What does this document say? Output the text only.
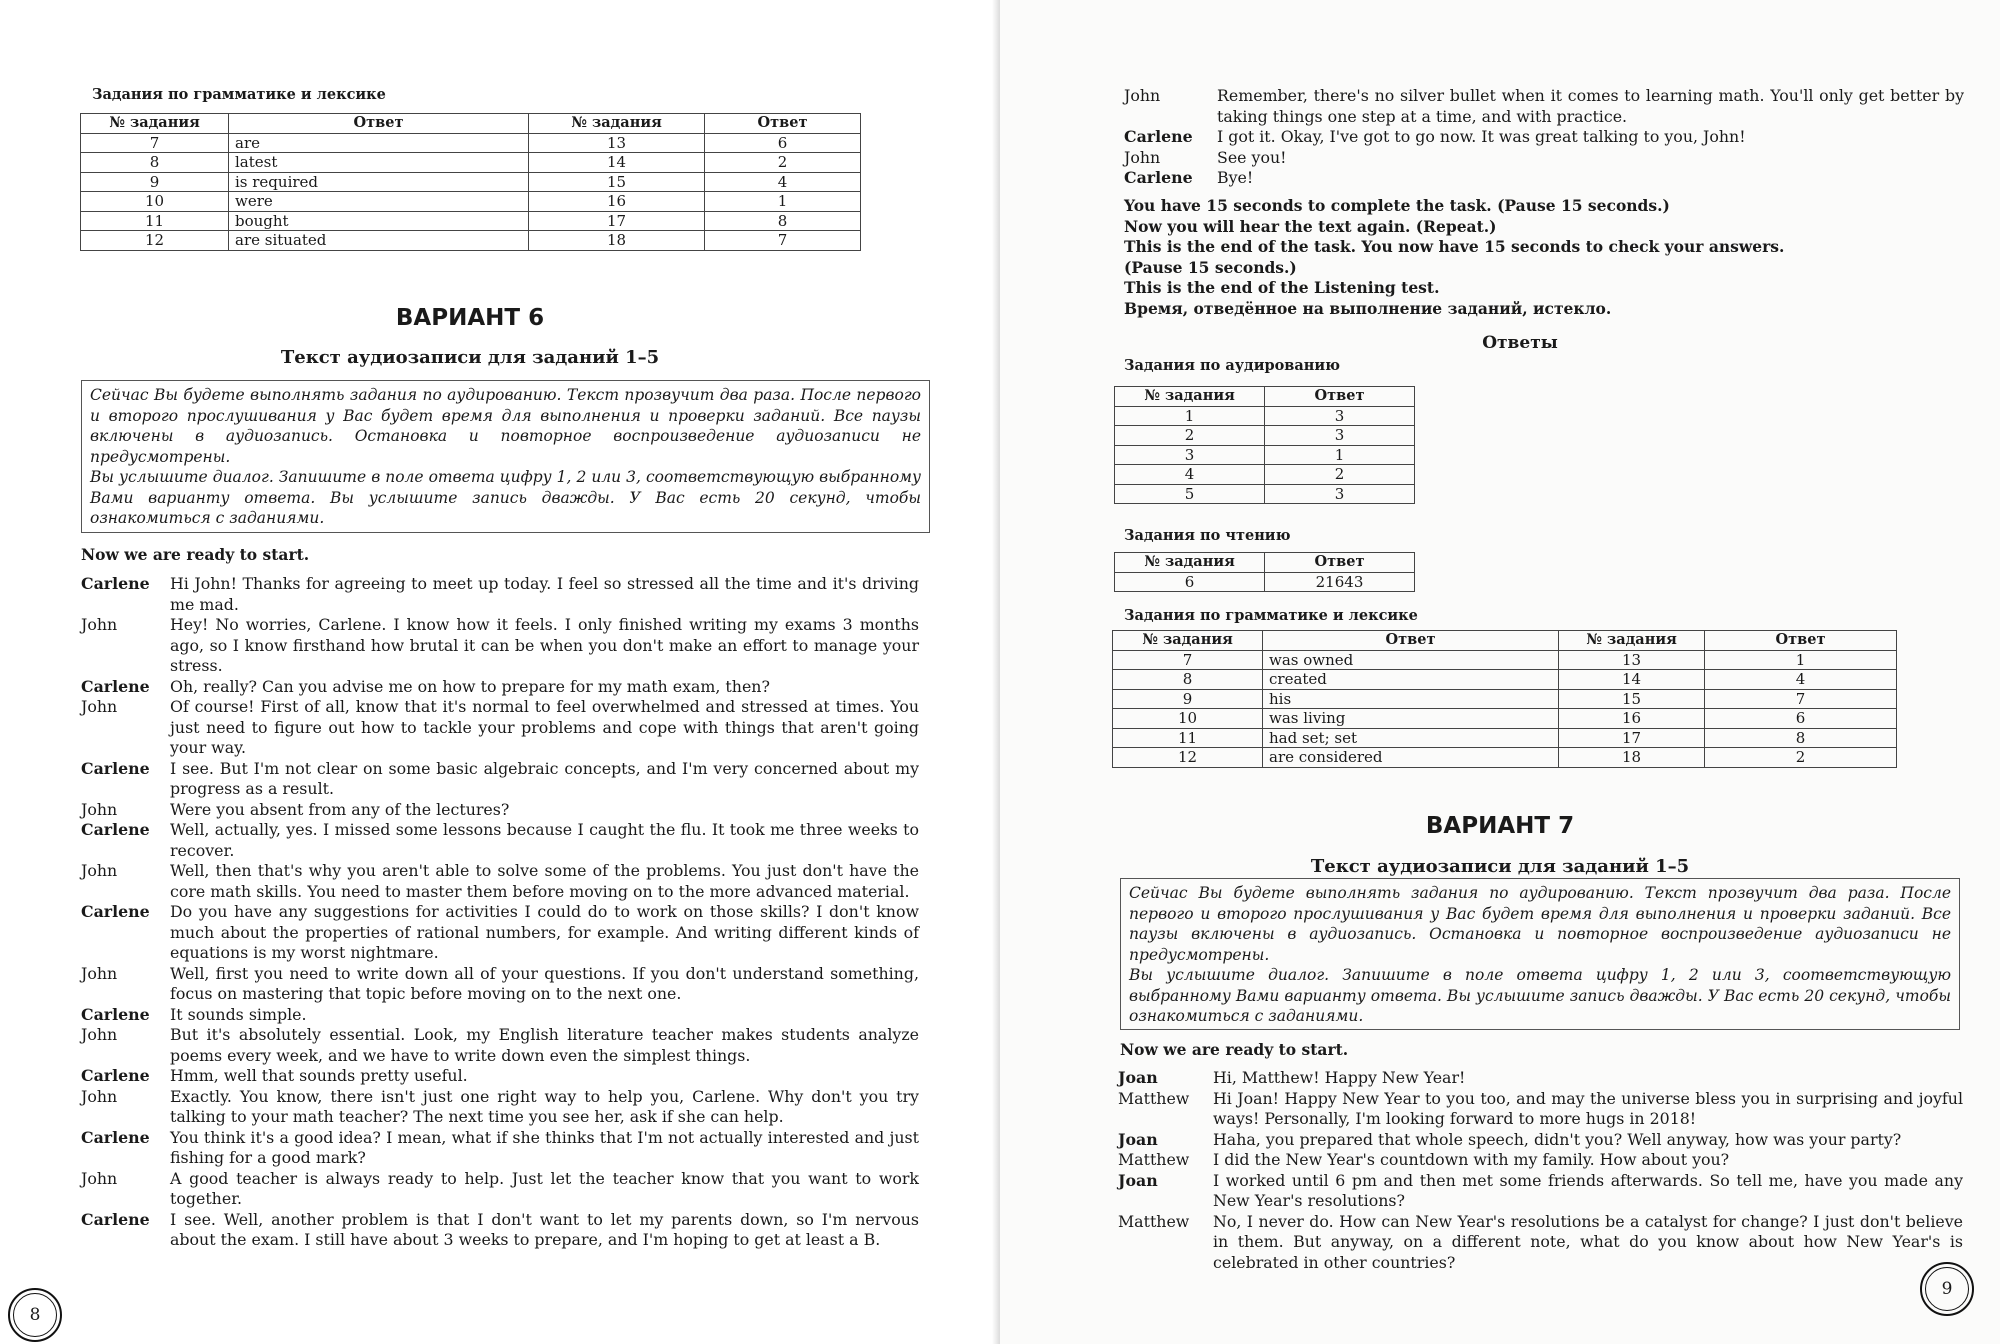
Задания по грамматике и лексике
№ задания	Ответ	№ задания	Ответ
7	are	13	6
8	latest	14	2
9	is required	15	4
10	were	16	1
11	bought	17	8
12	are situated	18	7
ВАРИАНТ 6
Текст аудиозаписи для заданий 1–5

Сейчас Вы будете выполнять задания по аудированию. Текст прозвучит два раза. После первого и второго прослушивания у Вас будет время для выполнения и проверки заданий. Все паузы включены в аудиозапись. Остановка и повторное воспроизведение аудиозаписи не предусмотрены.

Вы услышите диалог. Запишите в поле ответа цифру 1, 2 или 3, соответствующую выбранному Вами варианту ответа. Вы услышите запись дважды. У Вас есть 20 секунд, чтобы ознакомиться с заданиями.

Now we are ready to start.
Carlene	Hi John! Thanks for agreeing to meet up today. I feel so stressed all the time and it's driving me mad.
John	Hey! No worries, Carlene. I know how it feels. I only finished writing my exams 3 months ago, so I know firsthand how brutal it can be when you don't make an effort to manage your stress.
Carlene	Oh, really? Can you advise me on how to prepare for my math exam, then?
John	Of course! First of all, know that it's normal to feel overwhelmed and stressed at times. You just need to figure out how to tackle your problems and cope with things that aren't going your way.
Carlene	I see. But I'm not clear on some basic algebraic concepts, and I'm very concerned about my progress as a result.
John	Were you absent from any of the lectures?
Carlene	Well, actually, yes. I missed some lessons because I caught the flu. It took me three weeks to recover.
John	Well, then that's why you aren't able to solve some of the problems. You just don't have the core math skills. You need to master them before moving on to the more advanced material.
Carlene	Do you have any suggestions for activities I could do to work on those skills? I don't know much about the properties of rational numbers, for example. And writing different kinds of equations is my worst nightmare.
John	Well, first you need to write down all of your questions. If you don't understand something, focus on mastering that topic before moving on to the next one.
Carlene	It sounds simple.
John	But it's absolutely essential. Look, my English literature teacher makes students analyze poems every week, and we have to write down even the simplest things.
Carlene	Hmm, well that sounds pretty useful.
John	Exactly. You know, there isn't just one right way to help you, Carlene. Why don't you try talking to your math teacher? The next time you see her, ask if she can help.
Carlene	You think it's a good idea? I mean, what if she thinks that I'm not actually interested and just fishing for a good mark?
John	A good teacher is always ready to help. Just let the teacher know that you want to work together.
Carlene	I see. Well, another problem is that I don't want to let my parents down, so I'm nervous about the exam. I still have about 3 weeks to prepare, and I'm hoping to get at least a B.
8
John	Remember, there's no silver bullet when it comes to learning math. You'll only get better by taking things one step at a time, and with practice.
Carlene	I got it. Okay, I've got to go now. It was great talking to you, John!
John	See you!
Carlene	Bye!
You have 15 seconds to complete the task. (Pause 15 seconds.)
Now you will hear the text again. (Repeat.)
This is the end of the task. You now have 15 seconds to check your answers.
(Pause 15 seconds.)
This is the end of the Listening test.
Время, отведённое на выполнение заданий, истекло.
Ответы
Задания по аудированию
№ задания	Ответ
1	3
2	3
3	1
4	2
5	3
Задания по чтению
№ задания	Ответ
6	21643
Задания по грамматике и лексике
№ задания	Ответ	№ задания	Ответ
7	was owned	13	1
8	created	14	4
9	his	15	7
10	was living	16	6
11	had set; set	17	8
12	are considered	18	2
ВАРИАНТ 7
Текст аудиозаписи для заданий 1–5

Сейчас Вы будете выполнять задания по аудированию. Текст прозвучит два раза. После первого и второго прослушивания у Вас будет время для выполнения и проверки заданий. Все паузы включены в аудиозапись. Остановка и повторное воспроизведение аудиозаписи не предусмотрены.

Вы услышите диалог. Запишите в поле ответа цифру 1, 2 или 3, соответствующую выбранному Вами варианту ответа. Вы услышите запись дважды. У Вас есть 20 секунд, чтобы ознакомиться с заданиями.

Now we are ready to start.
Joan	Hi, Matthew! Happy New Year!
Matthew	Hi Joan! Happy New Year to you too, and may the universe bless you in surprising and joyful ways! Personally, I'm looking forward to more hugs in 2018!
Joan	Haha, you prepared that whole speech, didn't you? Well anyway, how was your party?
Matthew	I did the New Year's countdown with my family. How about you?
Joan	I worked until 6 pm and then met some friends afterwards. So tell me, have you made any New Year's resolutions?
Matthew	No, I never do. How can New Year's resolutions be a catalyst for change? I just don't believe in them. But anyway, on a different note, what do you know about how New Year's is celebrated in other countries?
9
